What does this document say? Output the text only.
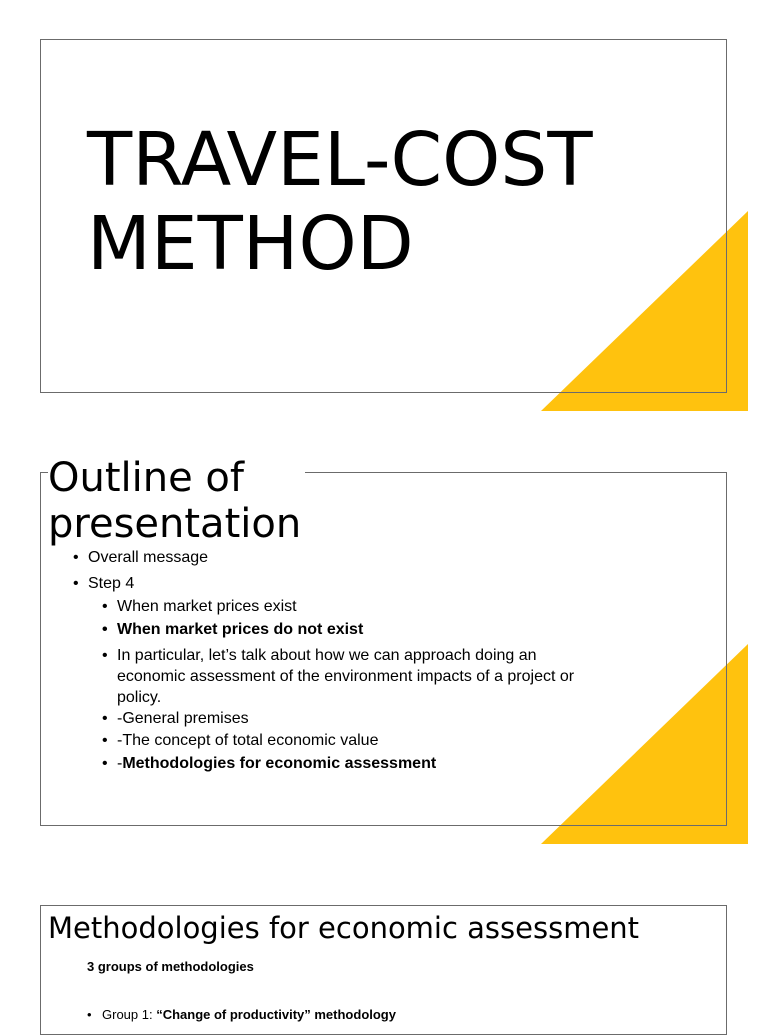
TRAVEL-COST
METHOD
Outline of
presentation
• Overall message
• Step 4
• When market prices exist
• When market prices do not exist
• In particular, let’s talk about how we can approach doing an economic assessment of the environment impacts of a project or policy.
• -General premises
• -The concept of total economic value
• -Methodologies for economic assessment
Methodologies for economic assessment
3 groups of methodologies
• Group 1: “Change of productivity” methodology
